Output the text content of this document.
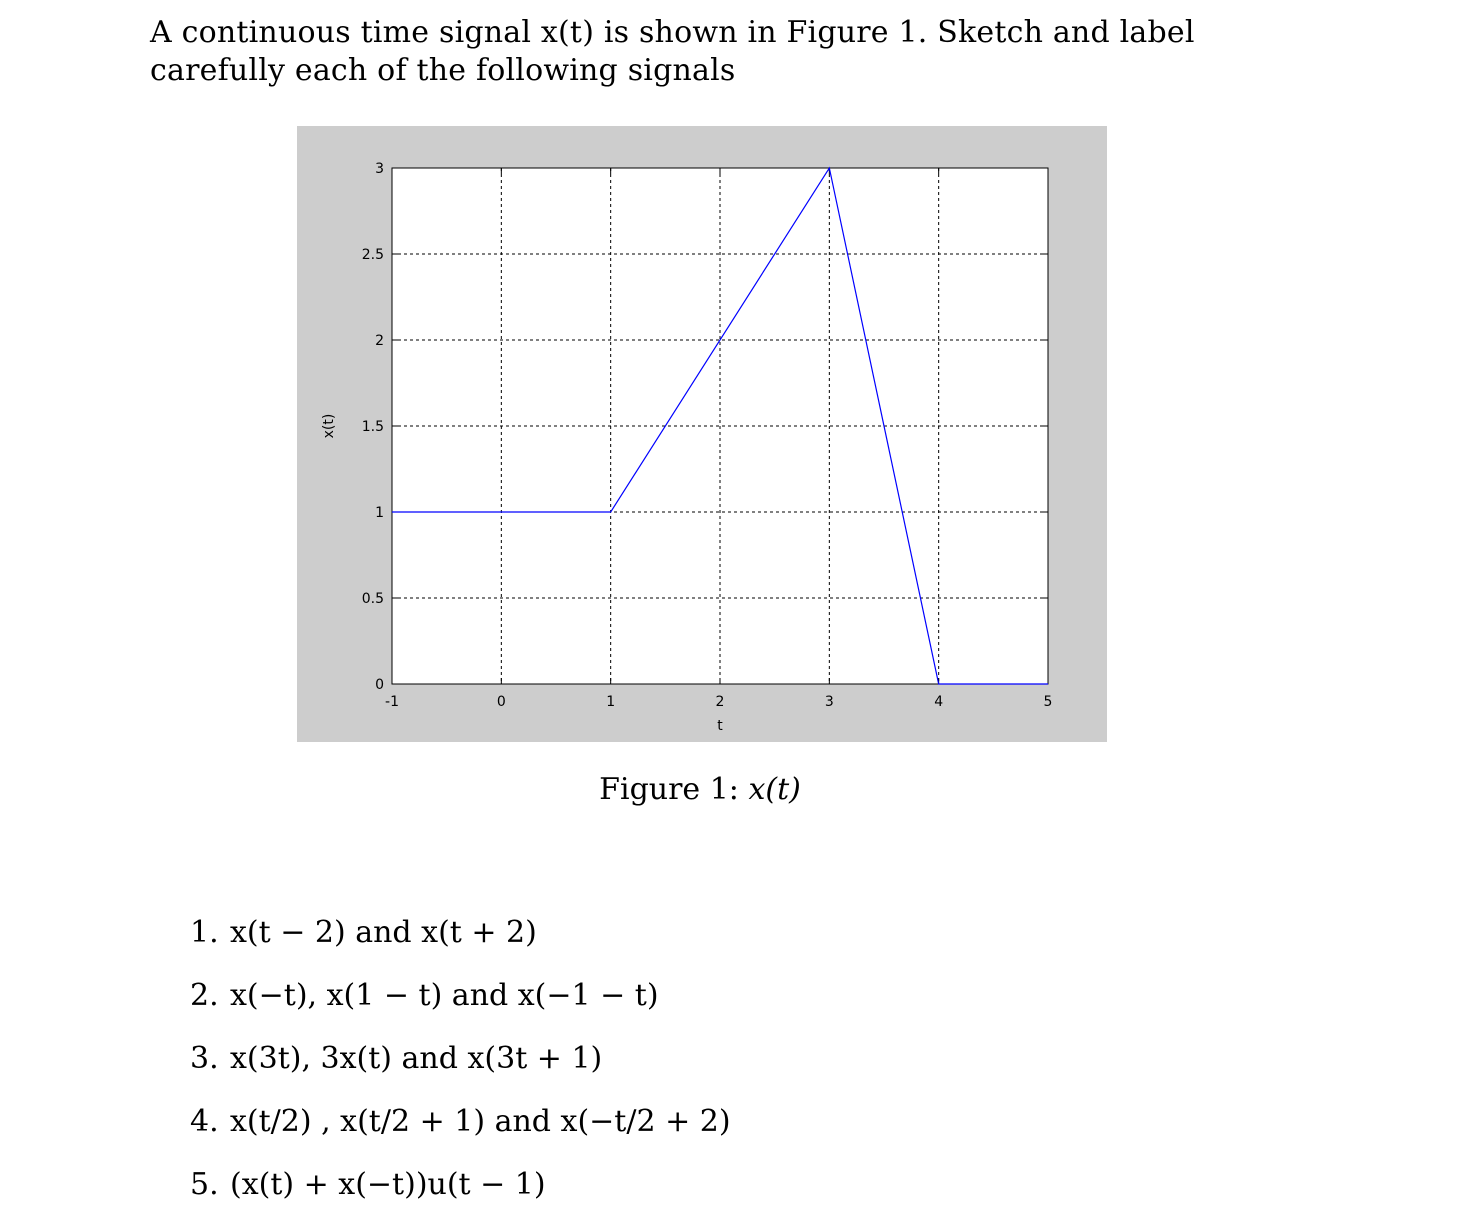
A continuous time signal x(t) is shown in Figure 1. Sketch and label carefully each of the following signals

-1	0	1	2	3	4	5
0
0.5
1
1.5
2
2.5
3
t
x(t)
Figure 1: x(t)
1. x(t − 2) and x(t + 2)
2. x(−t), x(1 − t) and x(−1 − t)
3. x(3t), 3x(t) and x(3t + 1)
4. x(t/2) , x(t/2 + 1) and x(−t/2 + 2)
5. (x(t) + x(−t))u(t − 1)
